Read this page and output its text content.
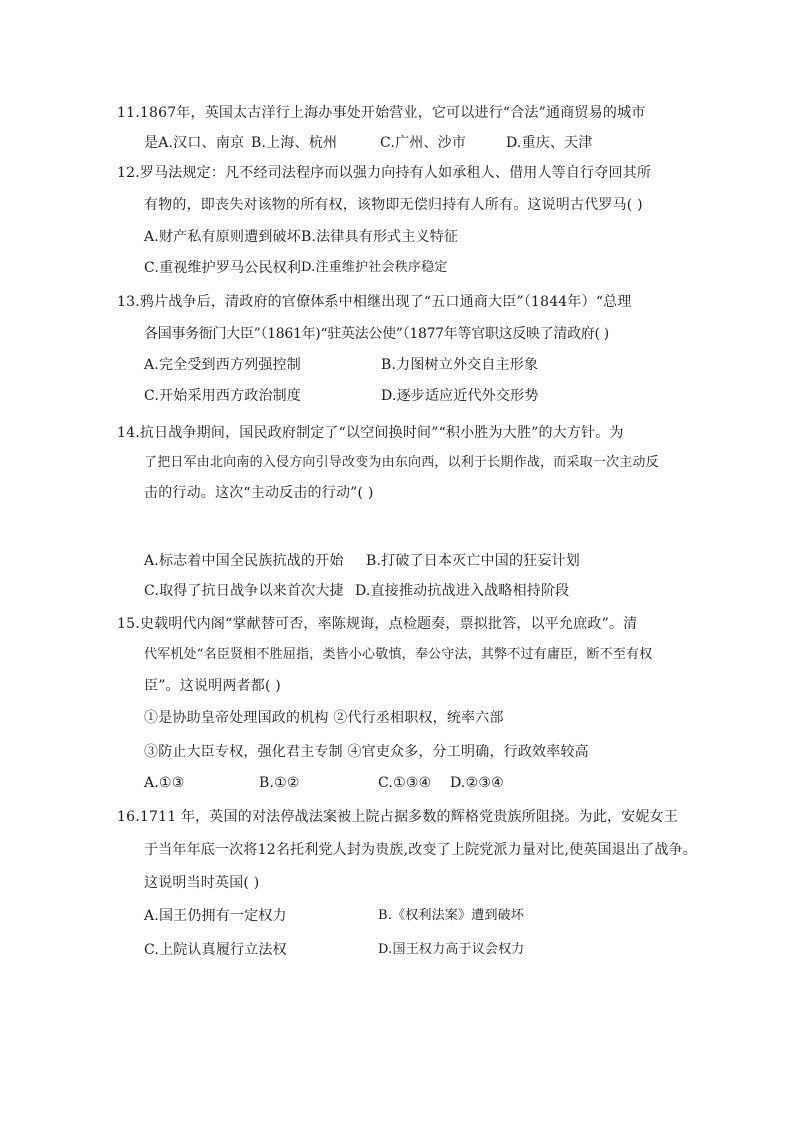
11.1867年，英国太古洋行上海办事处开始营业，它可以进行“合法”通商贸易的城市
是A.汉口、南京 B.上海、杭州	C.广州、沙市	D.重庆、天津
12.罗马法规定：凡不经司法程序而以强力向持有人如承租人、借用人等自行夺回其所
有物的，即丧失对该物的所有权，该物即无偿归持有人所有。这说明古代罗马( )
A.财产私有原则遭到破坏 B.法律具有形式主义特征
C.重视维护罗马公民权利 D.注重维护社会秩序稳定
13.鸦片战争后，清政府的官僚体系中相继出现了“五口通商大臣”（1844年）“总理
各国事务衙门大臣”（1861年)“驻英法公使”（1877年等官职这反映了清政府( )
A.完全受到西方列强控制	B.力图树立外交自主形象
C.开始采用西方政治制度	D.逐步适应近代外交形势
14.抗日战争期间，国民政府制定了“以空间换时间”“积小胜为大胜”的大方针。为
了把日军由北向南的入侵方向引导改变为由东向西，以利于长期作战，而采取一次主动反
击的行动。这次“主动反击的行动”( )
A.标志着中国全民族抗战的开始 B.打破了日本灭亡中国的狂妄计划
C.取得了抗日战争以来首次大捷 D.直接推动抗战进入战略相持阶段
15.史载明代内阁“掌献替可否，率陈规诲，点检题奏，票拟批答，以平允庶政”。清
代军机处“名臣贤相不胜屈指，类皆小心敬慎，奉公守法，其弊不过有庸臣，断不至有权
臣”。这说明两者都( )
①是协助皇帝处理国政的机构 ②代行丞相职权，统率六部
③防止大臣专权，强化君主专制 ④官吏众多，分工明确，行政效率较高
A.①③	B.①②	C.①③④ D.②③④
16.1711 年，英国的对法停战法案被上院占据多数的辉格党贵族所阻挠。为此，安妮女王
于当年年底一次将12名托利党人封为贵族,改变了上院党派力量对比,使英国退出了战争。
这说明当时英国( )
A.国王仍拥有一定权力	B.《权利法案》遭到破坏
C.上院认真履行立法权	D.国王权力高于议会权力
